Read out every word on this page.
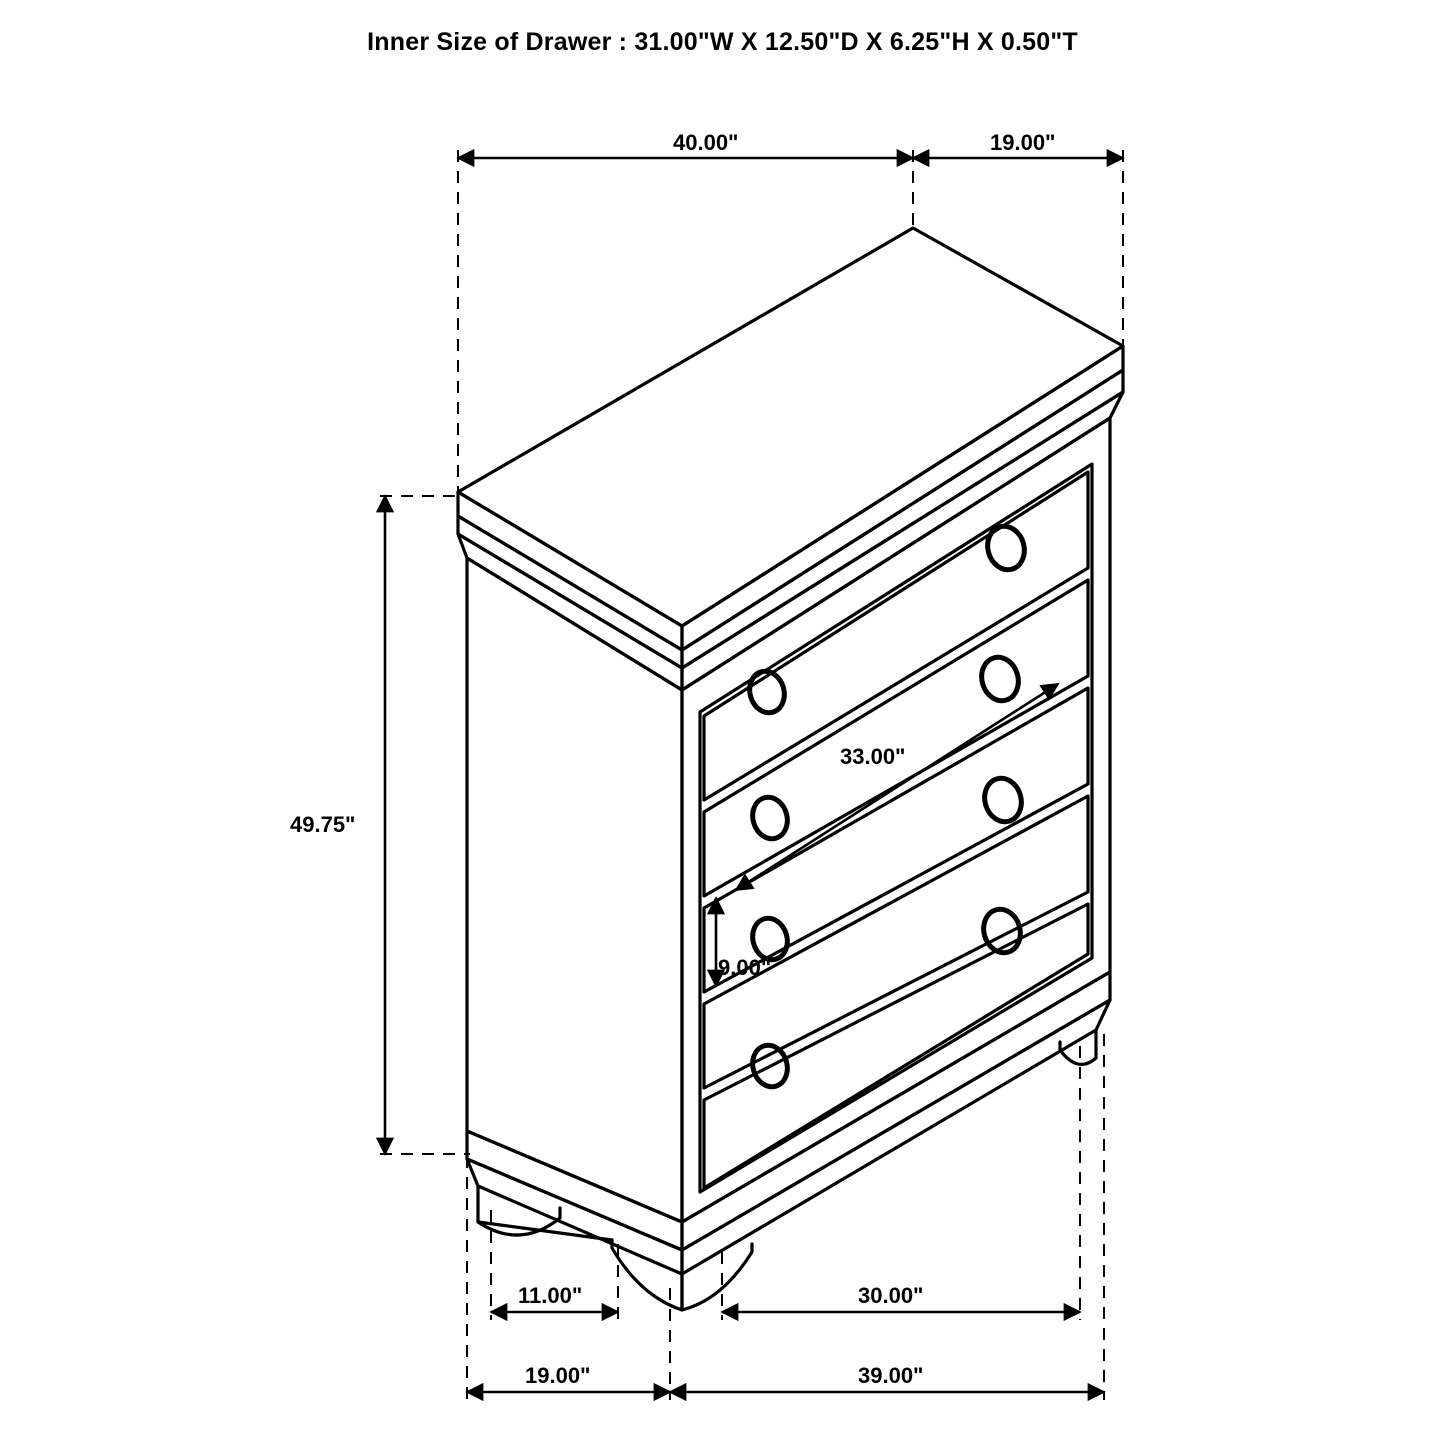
Inner Size of Drawer : 31.00"W X 12.50"D X 6.25"H X 0.50"T
40.00"	19.00"
49.75"
33.00"
9.00"
11.00"	30.00"
19.00"	39.00"
